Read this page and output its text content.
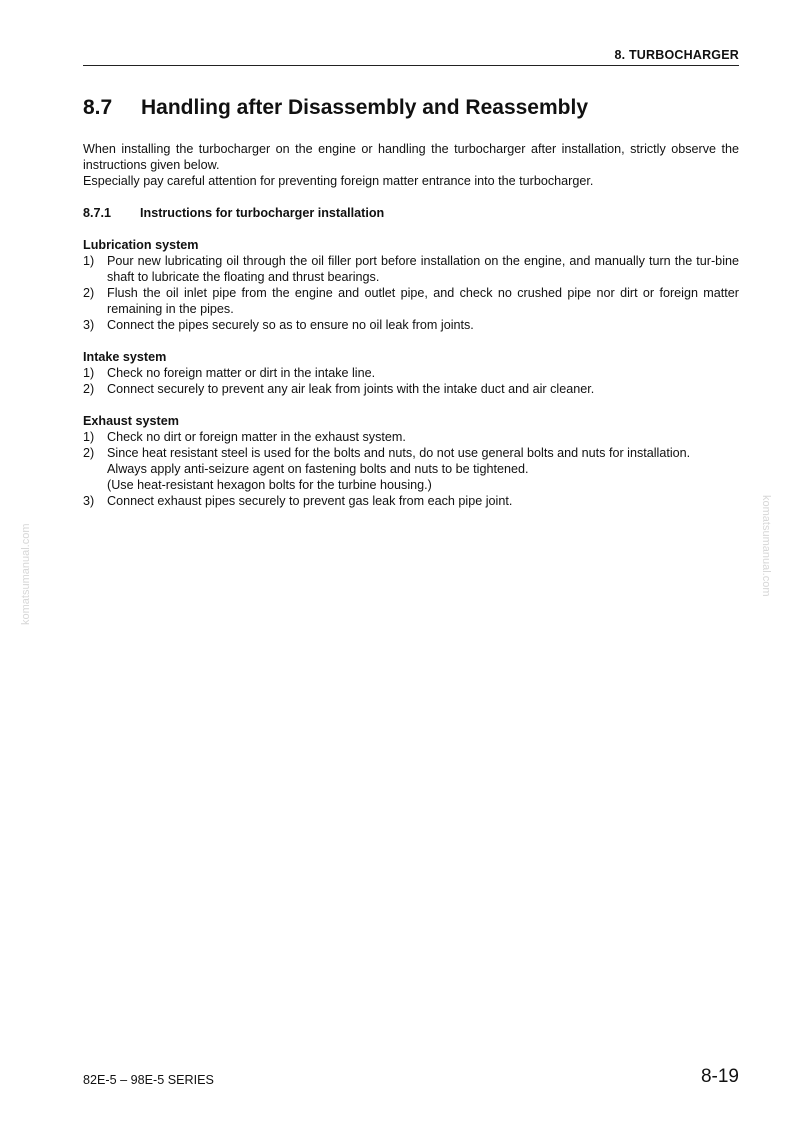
8. TURBOCHARGER
8.7 Handling after Disassembly and Reassembly

When installing the turbocharger on the engine or handling the turbocharger after installation, strictly observe the instructions given below.

Especially pay careful attention for preventing foreign matter entrance into the turbocharger.

8.7.1 Instructions for turbocharger installation
Lubrication system
1) Pour new lubricating oil through the oil filler port before installation on the engine, and manually turn the tur-bine shaft to lubricate the floating and thrust bearings.
2) Flush the oil inlet pipe from the engine and outlet pipe, and check no crushed pipe nor dirt or foreign matter remaining in the pipes.
3) Connect the pipes securely so as to ensure no oil leak from joints.
Intake system
1) Check no foreign matter or dirt in the intake line.
2) Connect securely to prevent any air leak from joints with the intake duct and air cleaner.
Exhaust system
1) Check no dirt or foreign matter in the exhaust system.
2) Since heat resistant steel is used for the bolts and nuts, do not use general bolts and nuts for installation.
Always apply anti-seizure agent on fastening bolts and nuts to be tightened.
(Use heat-resistant hexagon bolts for the turbine housing.)
3) Connect exhaust pipes securely to prevent gas leak from each pipe joint.
komatsumanual.com	komatsumanual.com
82E-5 – 98E-5 SERIES	8-19
